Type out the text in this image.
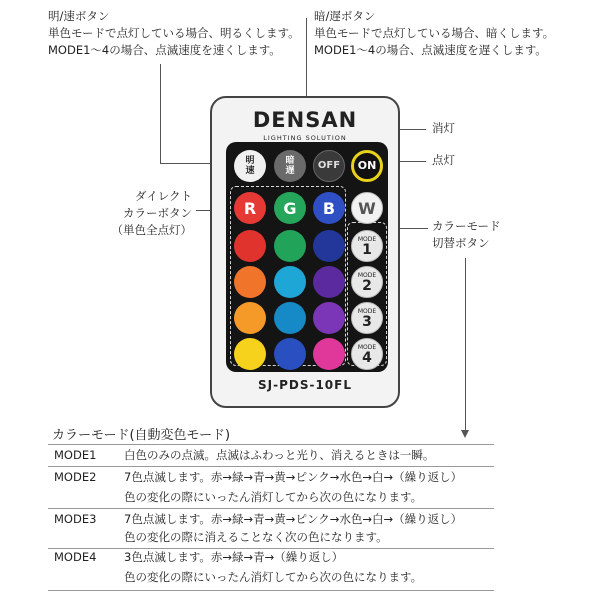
明/速ボタン
単色モードで点灯している場合、明るくします。
MODE1～4の場合、点滅速度を速くします。
暗/遅ボタン
単色モードで点灯している場合、暗くします。
MODE1～4の場合、点滅速度を遅くします。
消灯
点灯
ダイレクト
カラーボタン
（単色全点灯）	カラーモード
切替ボタン
DENSAN
LIGHTING SOLUTION
明
速
暗
遅	OFF	ON
R	G	B	W
MODE
1
MODE
2
MODE
3
MODE
4
SJ-PDS-10FL
カラーモード(自動変色モード)
MODE1 白色のみの点滅。点滅はふわっと光り、消えるときは一瞬。
MODE2 7色点滅します。赤→緑→青→黄→ピンク→水色→白→（繰り返し）
色の変化の際にいったん消灯してから次の色になります。
MODE3 7色点滅します。赤→緑→青→黄→ピンク→水色→白→（繰り返し）
色の変化の際に消えることなく次の色になります。
MODE4 3色点滅します。赤→緑→青→（繰り返し）
色の変化の際にいったん消灯してから次の色になります。
